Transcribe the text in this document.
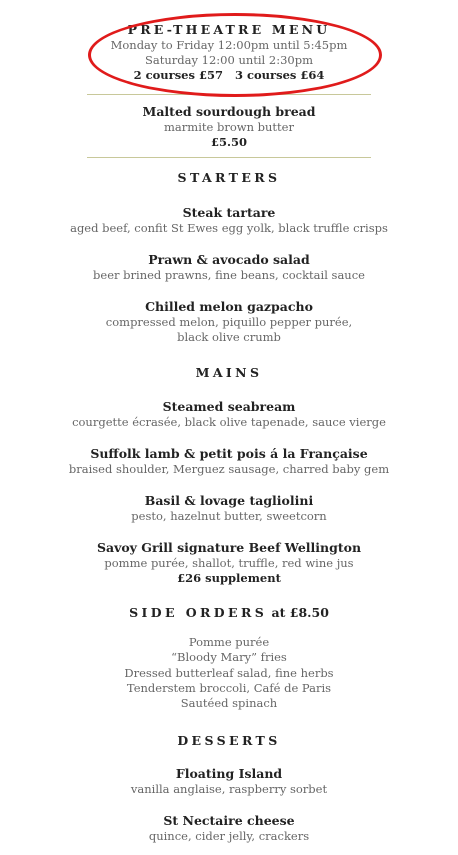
PRE-THEATRE MENU
Monday to Friday 12:00pm until 5:45pm
Saturday 12:00 until 2:30pm
2 courses £57   3 courses £64
Malted sourdough bread
marmite brown butter
£5.50
STARTERS
Steak tartare
aged beef, confit St Ewes egg yolk, black truffle crisps
Prawn & avocado salad
beer brined prawns, fine beans, cocktail sauce
Chilled melon gazpacho
compressed melon, piquillo pepper purée,
black olive crumb
MAINS
Steamed seabream
courgette écrasée, black olive tapenade, sauce vierge
Suffolk lamb & petit pois á la Française
braised shoulder, Merguez sausage, charred baby gem
Basil & lovage tagliolini
pesto, hazelnut butter, sweetcorn
Savoy Grill signature Beef Wellington
pomme purée, shallot, truffle, red wine jus
£26 supplement
SIDE ORDERS at £8.50
Pomme purée
“Bloody Mary” fries
Dressed butterleaf salad, fine herbs
Tenderstem broccoli, Café de Paris
Sautéed spinach
DESSERTS
Floating Island
vanilla anglaise, raspberry sorbet
St Nectaire cheese
quince, cider jelly, crackers
